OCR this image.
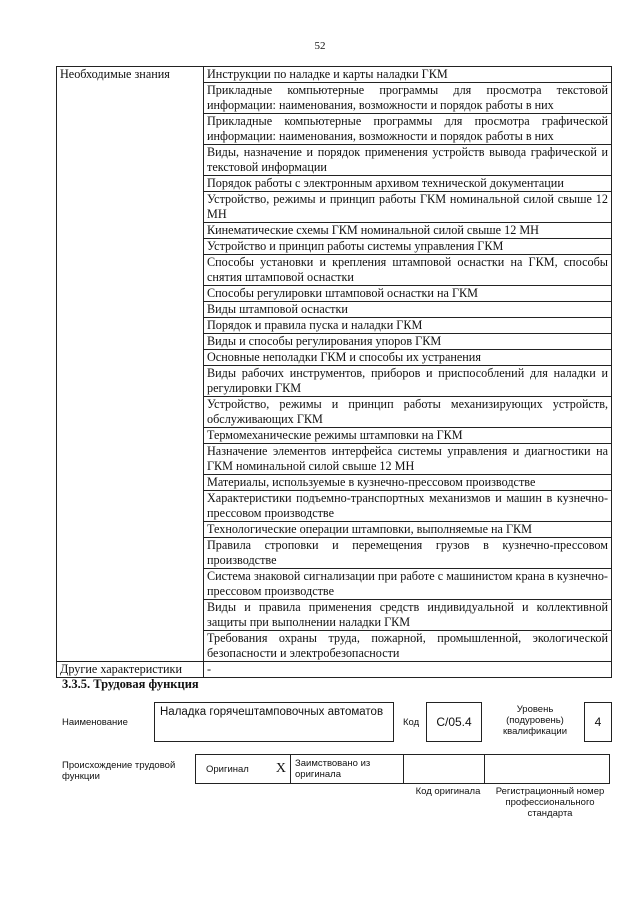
52
Необходимые знания	Инструкции по наладке и карты наладки ГКМ
	Прикладные компьютерные программы для просмотра текстовой информации: наименования, возможности и порядок работы в них
	Прикладные компьютерные программы для просмотра графической информации: наименования, возможности и порядок работы в них
	Виды, назначение и порядок применения устройств вывода графической и текстовой информации
	Порядок работы с электронным архивом технической документации
	Устройство, режимы и принцип работы ГКМ номинальной силой свыше 12 МН
	Кинематические схемы ГКМ номинальной силой свыше 12 МН
	Устройство и принцип работы системы управления ГКМ
	Способы установки и крепления штамповой оснастки на ГКМ, способы снятия штамповой оснастки
	Способы регулировки штамповой оснастки на ГКМ
	Виды штамповой оснастки
	Порядок и правила пуска и наладки ГКМ
	Виды и способы регулирования упоров ГКМ
	Основные неполадки ГКМ и способы их устранения
	Виды рабочих инструментов, приборов и приспособлений для наладки и регулировки ГКМ
	Устройство, режимы и принцип работы механизирующих устройств, обслуживающих ГКМ
	Термомеханические режимы штамповки на ГКМ
	Назначение элементов интерфейса системы управления и диагностики на ГКМ номинальной силой свыше 12 МН
	Материалы, используемые в кузнечно-прессовом производстве
	Характеристики подъемно-транспортных механизмов и машин в кузнечно-прессовом производстве
	Технологические операции штамповки, выполняемые на ГКМ
	Правила строповки и перемещения грузов в кузнечно-прессовом производстве
	Система знаковой сигнализации при работе с машинистом крана в кузнечно-прессовом производстве
	Виды и правила применения средств индивидуальной и коллективной защиты при выполнении наладки ГКМ
	Требования охраны труда, пожарной, промышленной, экологической безопасности и электробезопасности
Другие характеристики	-
3.3.5. Трудовая функция
Наименование
Наладка горячештамповочных автоматов
Код	C/05.4
Уровень (подуровень) квалификации
4
Происхождение трудовой функции
Оригинал X Заимствовано из оригинала
Код оригинала	Регистрационный номер профессионального стандарта
